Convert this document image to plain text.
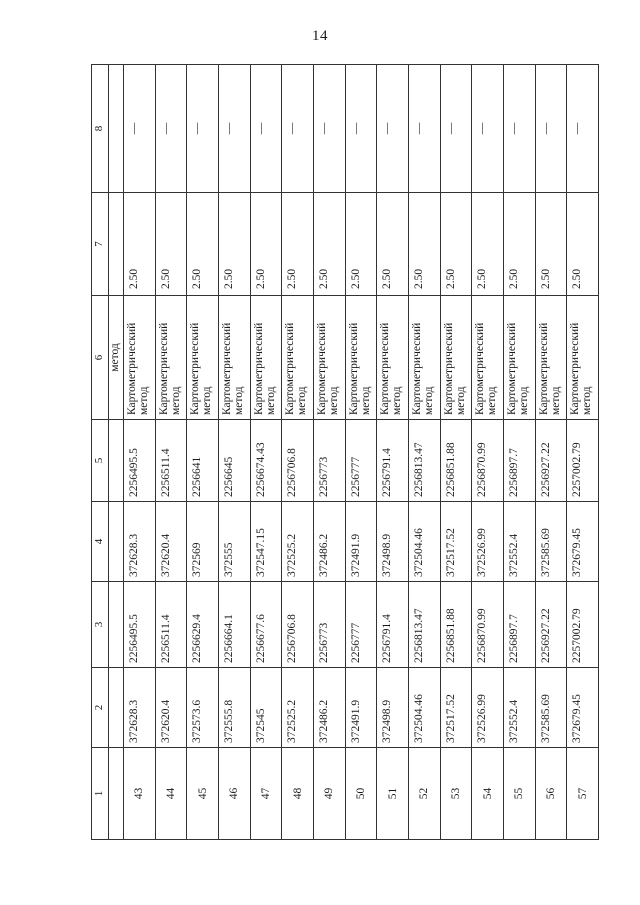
14
1	2	3	4	5	6	7	8
					метод		
43	372628.3	2256495.5	372628.3	2256495.5	Картометрический метод	2.50	—
44	372620.4	2256511.4	372620.4	2256511.4	Картометрический метод	2.50	—
45	372573.6	2256629.4	372569	2256641	Картометрический метод	2.50	—
46	372555.8	2256664.1	372555	2256645	Картометрический метод	2.50	—
47	372545	2256677.6	372547.15	2256674.43	Картометрический метод	2.50	—
48	372525.2	2256706.8	372525.2	2256706.8	Картометрический метод	2.50	—
49	372486.2	2256773	372486.2	2256773	Картометрический метод	2.50	—
50	372491.9	2256777	372491.9	2256777	Картометрический метод	2.50	—
51	372498.9	2256791.4	372498.9	2256791.4	Картометрический метод	2.50	—
52	372504.46	2256813.47	372504.46	2256813.47	Картометрический метод	2.50	—
53	372517.52	2256851.88	372517.52	2256851.88	Картометрический метод	2.50	—
54	372526.99	2256870.99	372526.99	2256870.99	Картометрический метод	2.50	—
55	372552.4	2256897.7	372552.4	2256897.7	Картометрический метод	2.50	—
56	372585.69	2256927.22	372585.69	2256927.22	Картометрический метод	2.50	—
57	372679.45	2257002.79	372679.45	2257002.79	Картометрический метод	2.50	—
